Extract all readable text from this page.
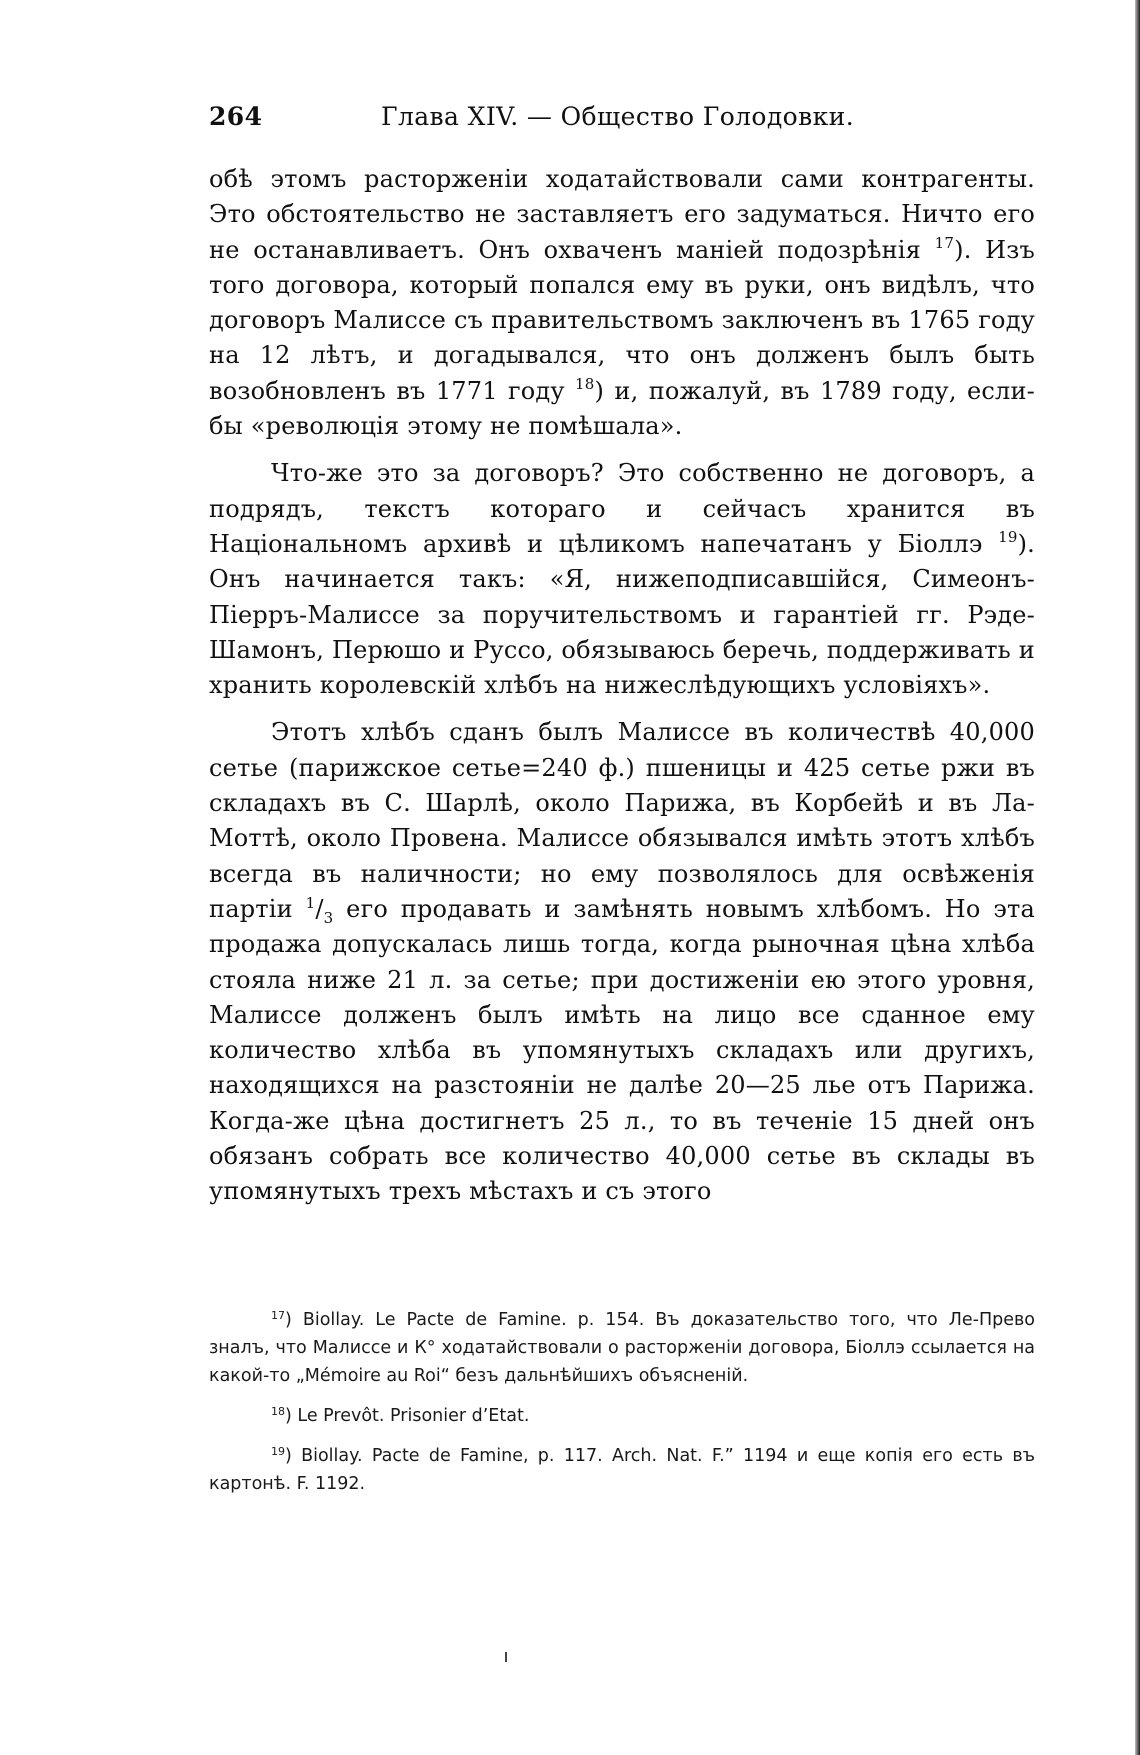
264	Глава XIV. — Общество Голодовки.

обѣ этомъ расторженіи ходатайствовали сами контрагенты. Это обстоятельство не заставляетъ его задуматься. Ничто его не останавливаетъ. Онъ охваченъ маніей подозрѣнія $^{17}$). Изъ того договора, который попался ему въ руки, онъ видѣлъ, что договоръ Малиссе съ правительствомъ заключенъ въ 1765 году на 12 лѣтъ, и догадывался, что онъ долженъ былъ быть возобновленъ въ 1771 году $^{18}$) и, пожалуй, въ 1789 году, если-бы «революція этому не помѣшала».

Что-же это за договоръ? Это собственно не договоръ, а подрядъ, текстъ котораго и сейчасъ хранится въ Національномъ архивѣ и цѣликомъ напечатанъ у Біоллэ $^{19}$). Онъ начинается такъ: «Я, нижеподписавшійся, Симеонъ-Піерръ-Малиссе за поручительствомъ и гарантіей гг. Рэде-Шамонъ, Перюшо и Руссо, обязываюсь беречь, поддерживать и хранить королевскій хлѣбъ на нижеслѣдующихъ условіяхъ».

Этотъ хлѣбъ сданъ былъ Малиссе въ количествѣ 40,000 сетье (парижское сетье=240 ф.) пшеницы и 425 сетье ржи въ складахъ въ С. Шарлѣ, около Парижа, въ Корбейѣ и въ Ла-Моттѣ, около Провена. Малиссе обязывался имѣть этотъ хлѣбъ всегда въ наличности; но ему позволялось для освѣженія партіи $^1/_3$ его продавать и замѣнять новымъ хлѣбомъ. Но эта продажа допускалась лишь тогда, когда рыночная цѣна хлѣба стояла ниже 21 л. за сетье; при достиженіи ею этого уровня, Малиссе долженъ былъ имѣть на лицо все сданное ему количество хлѣба въ упомянутыхъ складахъ или другихъ, находящихся на разстояніи не далѣе 20—25 лье отъ Парижа. Когда-же цѣна достигнетъ 25 л., то въ теченіе 15 дней онъ обязанъ собрать все количество 40,000 сетье въ склады въ упомянутыхъ трехъ мѣстахъ и съ этого

$^{17}$) Biollay. Le Pacte de Famine. p. 154. Въ доказательство того, что Ле-Прево зналъ, что Малиссе и К° ходатайствовали о расторженіи договора, Біоллэ ссылается на какой-то „Mémoire au Roi“ безъ дальнѣйшихъ объясненій.

$^{18}$) Le Prevôt. Prisonier d’Etat.

$^{19}$) Biollay. Pacte de Famine, p. 117. Arch. Nat. F.” 1194 и еще копія его есть въ картонѣ. F. 1192.
